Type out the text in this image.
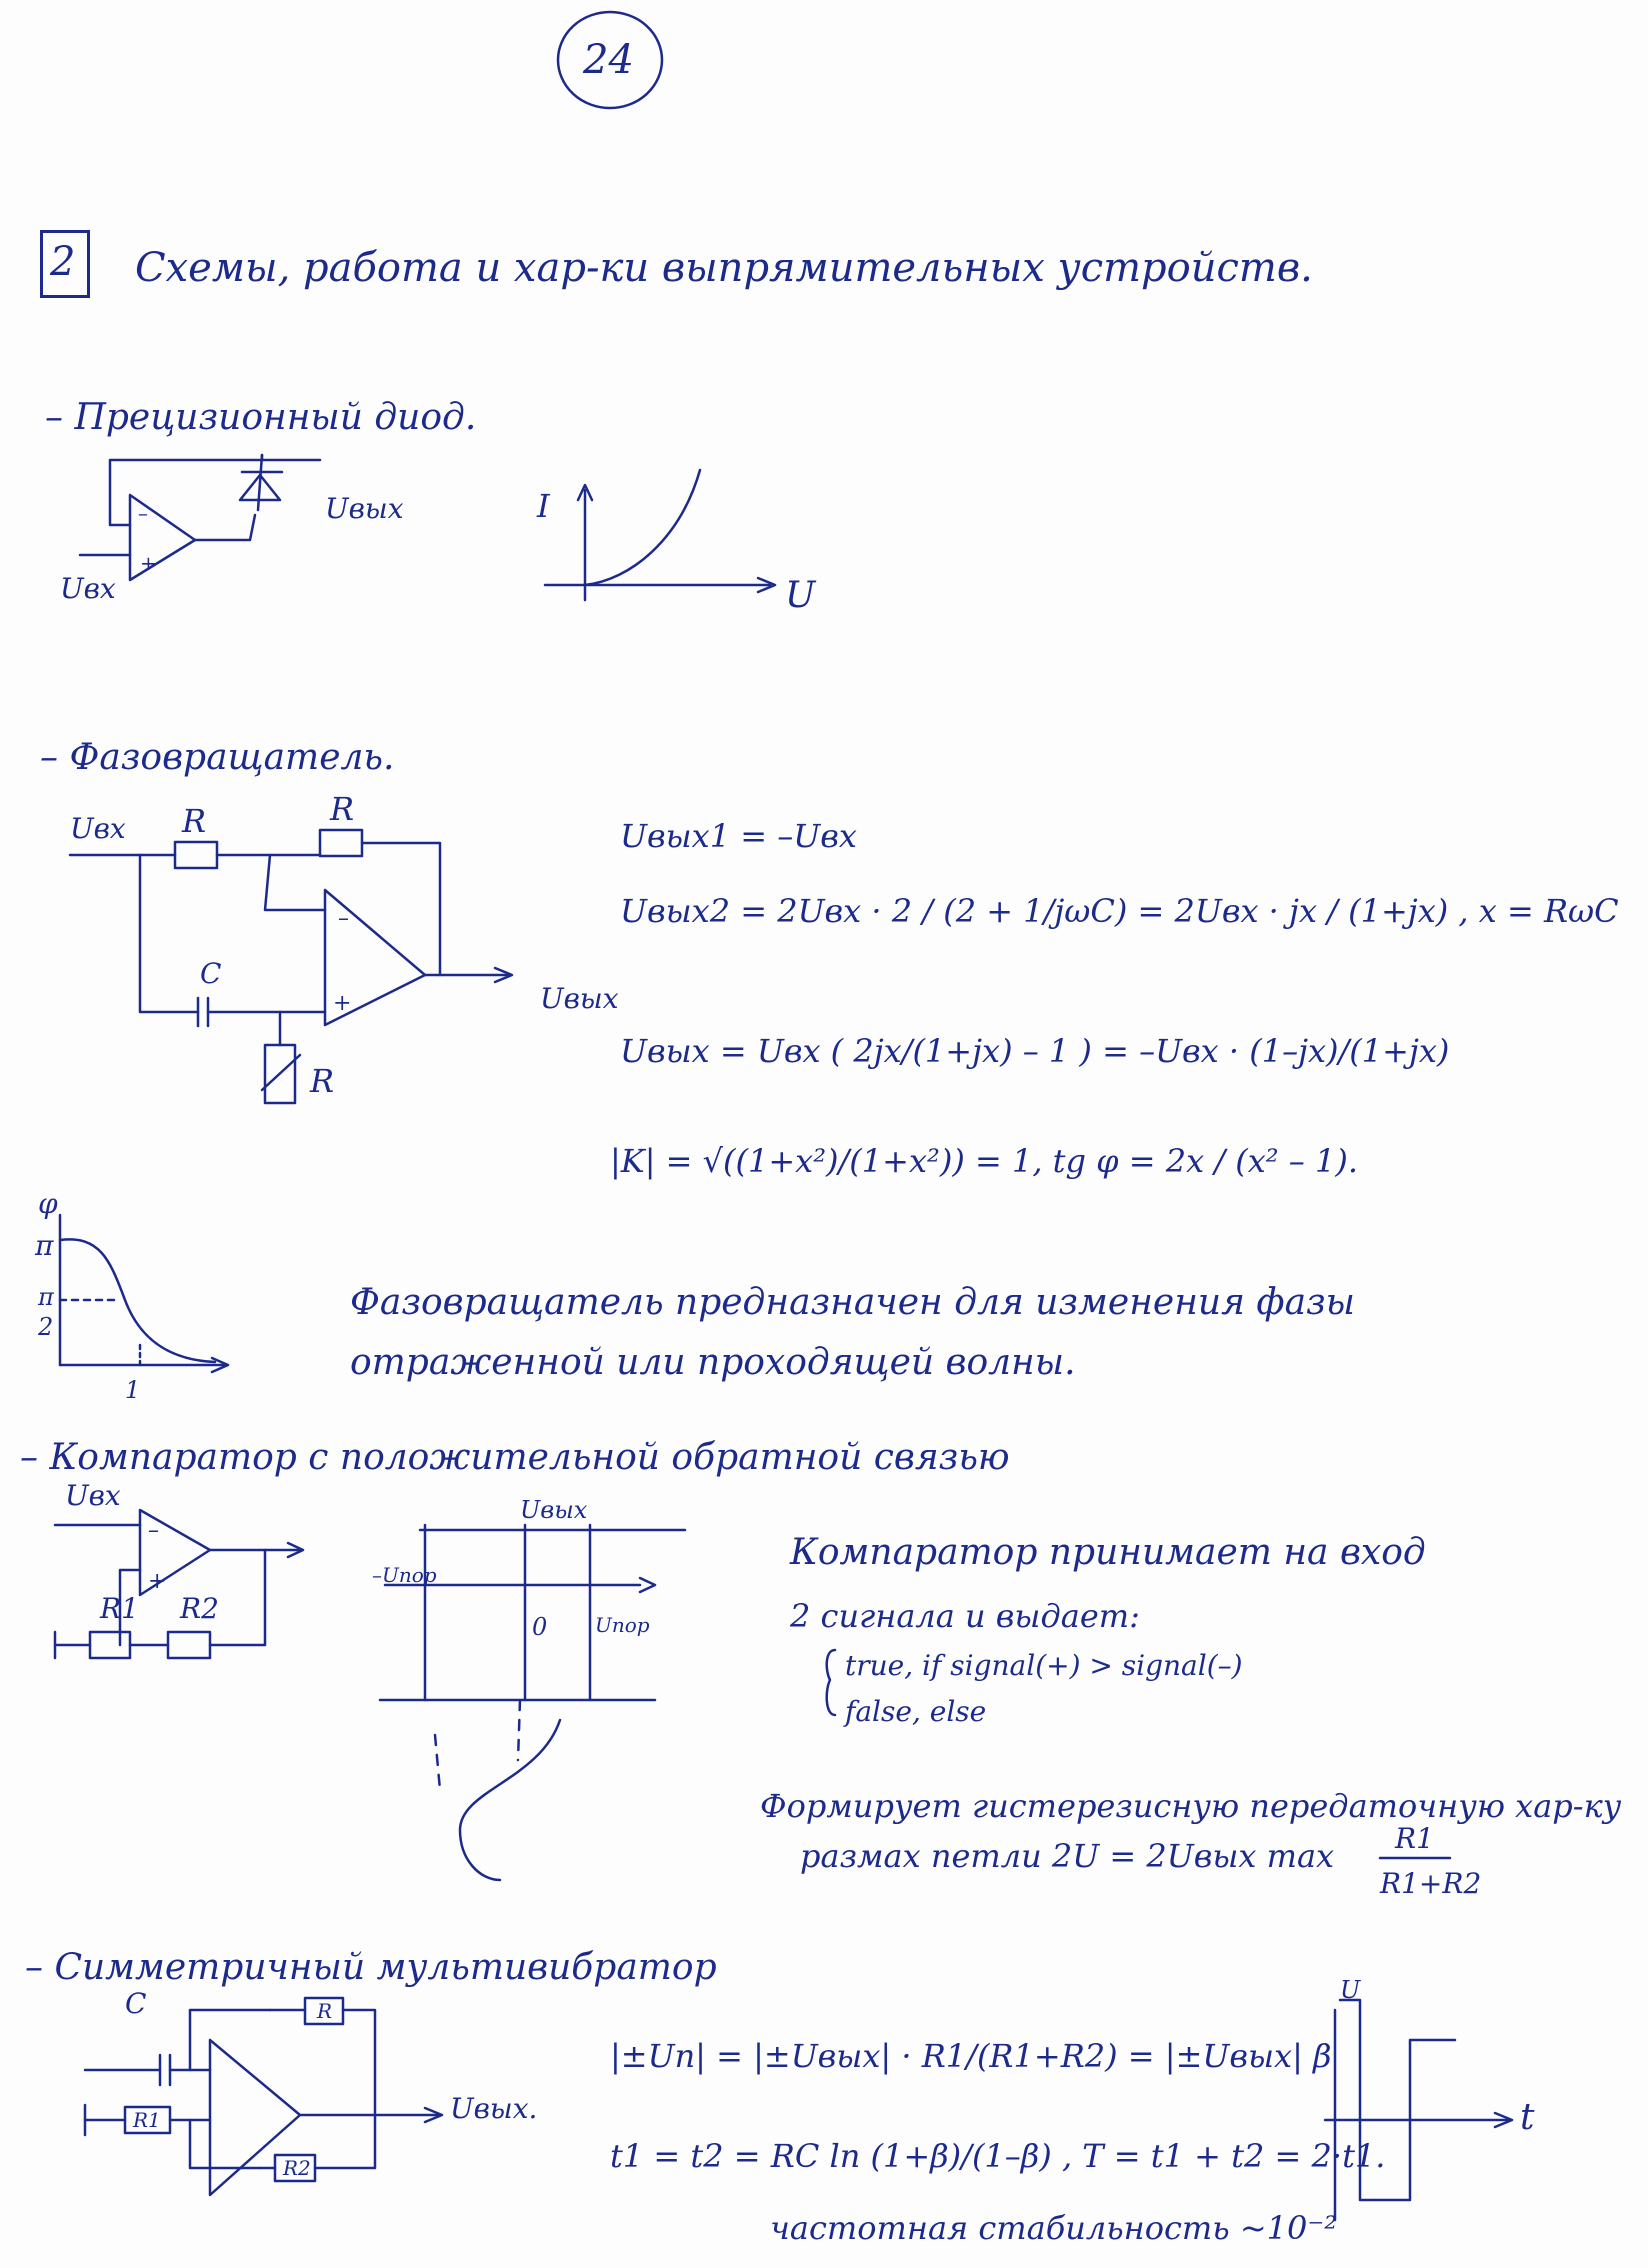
24
2 Схемы, работа и хар-ки выпрямительных устройств.
– Прецизионный диод.
–
+
Uвых
Uвх
I
U
– Фазовращатель.
–
+
Uвх R	R
C
R
Uвых
Uвых1 = –Uвх
Uвых2 = 2Uвх · 2 / (2 + 1/jωC) = 2Uвх · jx / (1+jx) , x = RωC
Uвых = Uвх ( 2jx/(1+jx) – 1 ) = –Uвх · (1–jx)/(1+jx)
|K| = √((1+x²)/(1+x²)) = 1, tg φ = 2x / (x² – 1).
φ
π
π
2
1
Фазовращатель предназначен для изменения фазы
отраженной или проходящей волны.
– Компаратор с положительной обратной связью
–
+
Uвх
R1 R2
Uвых
–Uпор
Uпор
0
Компаратор принимает на вход
2 сигнала и выдает:
true, if signal(+) > signal(–)
false, else
Формирует гистерезисную передаточную хар-ку
размах петли 2U = 2Uвых max R1
R1+R2
– Симметричный мультивибратор
C	R
R1
R2
Uвых.
|±Un| = |±Uвых| · R1/(R1+R2) = |±Uвых| β
t1 = t2 = RC ln (1+β)/(1–β) , T = t1 + t2 = 2·t1.
частотная стабильность ~10⁻²
U
t
